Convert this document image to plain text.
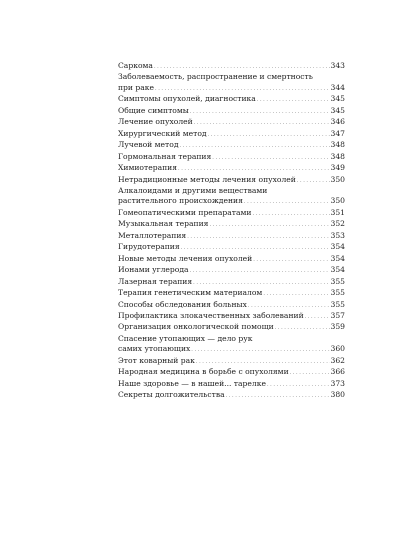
Саркома . . .	343
Заболеваемость, распространение и смертность
при раке . . .	344
Симптомы опухолей, диагностика . . .	345
Общие симптомы . . .	345
Лечение опухолей . . .	346
Хирургический метод . . .	347
Лучевой метод . . .	348
Гормональная терапия . . .	348
Химиотерапия . . .	349
Нетрадиционные методы лечения опухолей . . .	350
Алкалоидами и другими веществами
растительного происхождения . . .	350
Гомеопатическими препаратами . . .	351
Музыкальная терапия . . .	352
Металлотерапия . . .	353
Гирудотерапия . . .	354
Новые методы лечения опухолей . . .	354
Ионами углерода . . .	354
Лазерная терапия . . .	355
Терапия генетическим материалом . . .	355
Способы обследования больных . . .	355
Профилактика злокачественных заболеваний . . .	357
Организация онкологической помощи . . .	359
Спасение утопающих — дело рук
самих утопающих . . .	360
Этот коварный рак . . .	362
Народная медицина в борьбе с опухолями . . .	366
Наше здоровье — в нашей... тарелке . . .	373
Секреты долгожительства . . .	380
